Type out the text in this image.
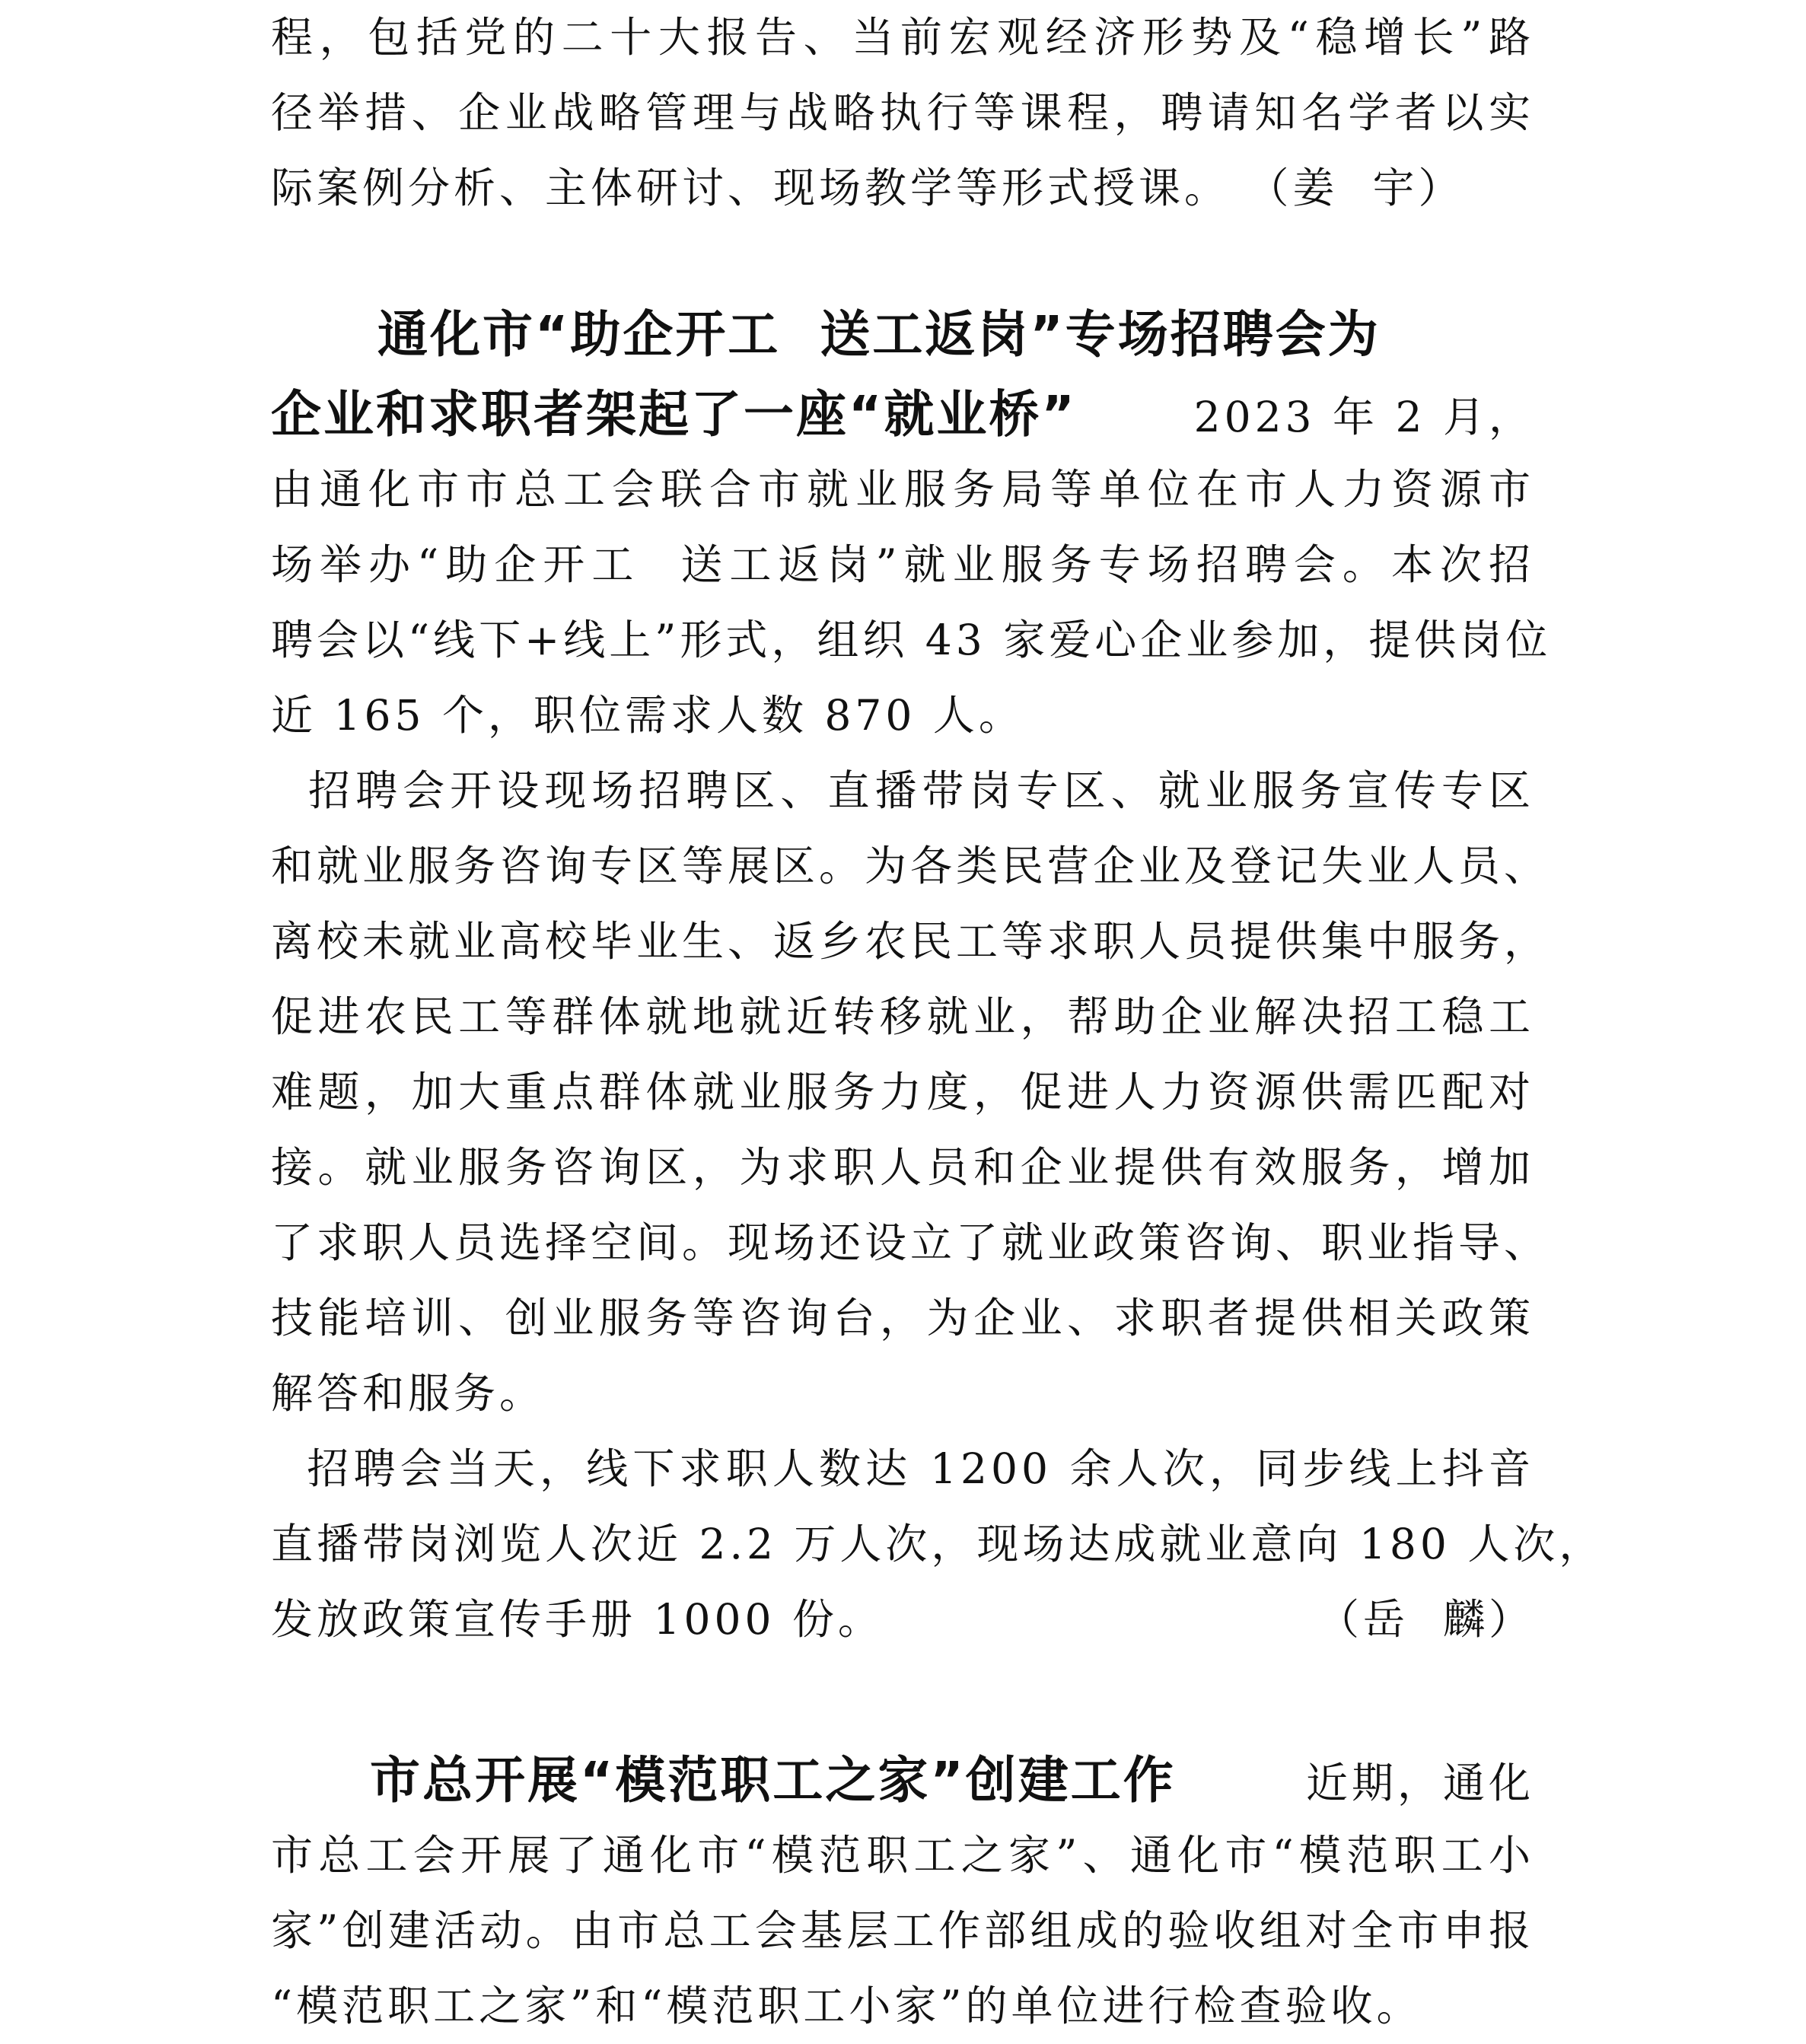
程，包括党的二十大报告、当前宏观经济形势及“稳增长”路
径举措、企业战略管理与战略执行等课程，聘请知名学者以实
际案例分析、主体研讨、现场教学等形式授课。 （姜  宇）
通化市“助企开工  送工返岗”专场招聘会为
企业和求职者架起了一座“就业桥”	2023 年 2 月，
由通化市市总工会联合市就业服务局等单位在市人力资源市
场举办“助企开工  送工返岗”就业服务专场招聘会。本次招
聘会以“线下+线上”形式，组织 43 家爱心企业参加，提供岗位
近 165 个，职位需求人数 870 人。
招聘会开设现场招聘区、直播带岗专区、就业服务宣传专区
和就业服务咨询专区等展区。为各类民营企业及登记失业人员、
离校未就业高校毕业生、返乡农民工等求职人员提供集中服务，
促进农民工等群体就地就近转移就业，帮助企业解决招工稳工
难题，加大重点群体就业服务力度，促进人力资源供需匹配对
接。就业服务咨询区，为求职人员和企业提供有效服务，增加
了求职人员选择空间。现场还设立了就业政策咨询、职业指导、
技能培训、创业服务等咨询台，为企业、求职者提供相关政策
解答和服务。
招聘会当天，线下求职人数达 1200 余人次，同步线上抖音
直播带岗浏览人次近 2.2 万人次，现场达成就业意向 180 人次，
发放政策宣传手册 1000 份。	（岳  麟）
市总开展“模范职工之家”创建工作	近期，通化
市总工会开展了通化市“模范职工之家”、通化市“模范职工小
家”创建活动。由市总工会基层工作部组成的验收组对全市申报
“模范职工之家”和“模范职工小家”的单位进行检查验收。
